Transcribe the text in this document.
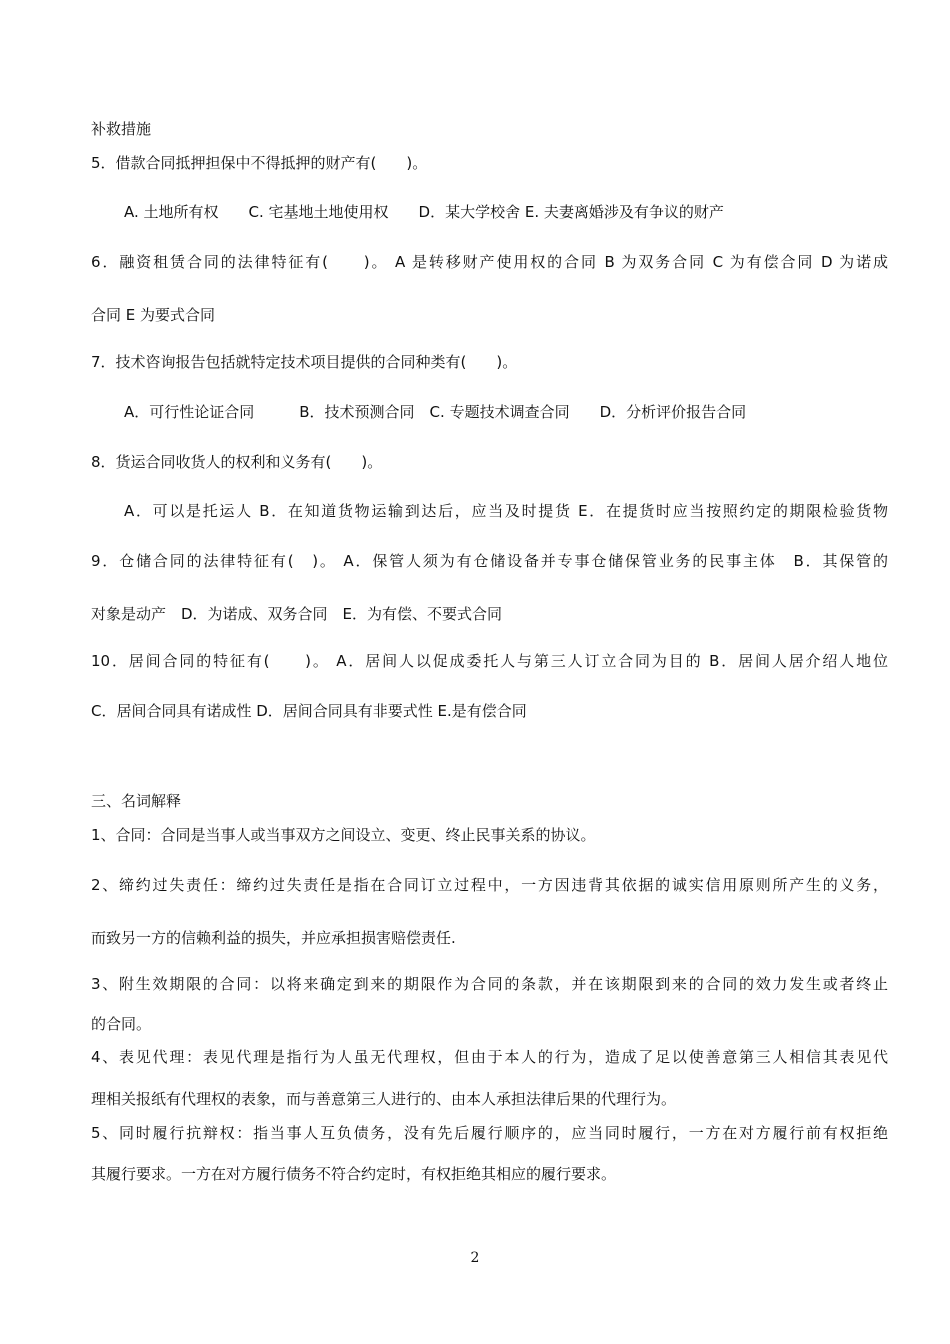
补救措施
5．借款合同抵押担保中不得抵押的财产有(　　)。
A. 土地所有权　　C. 宅基地土地使用权　　D．某大学校舍 E. 夫妻离婚涉及有争议的财产
6．融资租赁合同的法律特征有(　　)。 A 是转移财产使用权的合同 B 为双务合同 C 为有偿合同 D 为诺成
合同 E 为要式合同
7．技术咨询报告包括就特定技术项目提供的合同种类有(　　)。
A．可行性论证合同　　　B．技术预测合同　C. 专题技术调查合同　　D．分析评价报告合同
8．货运合同收货人的权利和义务有(　　)。
A．可以是托运人 B．在知道货物运输到达后，应当及时提货 E．在提货时应当按照约定的期限检验货物
9．仓储合同的法律特征有(　)。 A．保管人须为有仓储设备并专事仓储保管业务的民事主体　B．其保管的
对象是动产　D．为诺成、双务合同　E．为有偿、不要式合同
10．居间合同的特征有(　　)。 A．居间人以促成委托人与第三人订立合同为目的 B．居间人居介绍人地位
C．居间合同具有诺成性 D．居间合同具有非要式性 E.是有偿合同
三、名词解释
1、合同：合同是当事人或当事双方之间设立、变更、终止民事关系的协议。
2、缔约过失责任：缔约过失责任是指在合同订立过程中，一方因违背其依据的诚实信用原则所产生的义务，
而致另一方的信赖利益的损失，并应承担损害赔偿责任.
3、附生效期限的合同：以将来确定到来的期限作为合同的条款，并在该期限到来的合同的效力发生或者终止
的合同。
4、表见代理：表见代理是指行为人虽无代理权，但由于本人的行为，造成了足以使善意第三人相信其表见代
理相关报纸有代理权的表象，而与善意第三人进行的、由本人承担法律后果的代理行为。
5、同时履行抗辩权：指当事人互负债务，没有先后履行顺序的，应当同时履行，一方在对方履行前有权拒绝
其履行要求。一方在对方履行债务不符合约定时，有权拒绝其相应的履行要求。
2
